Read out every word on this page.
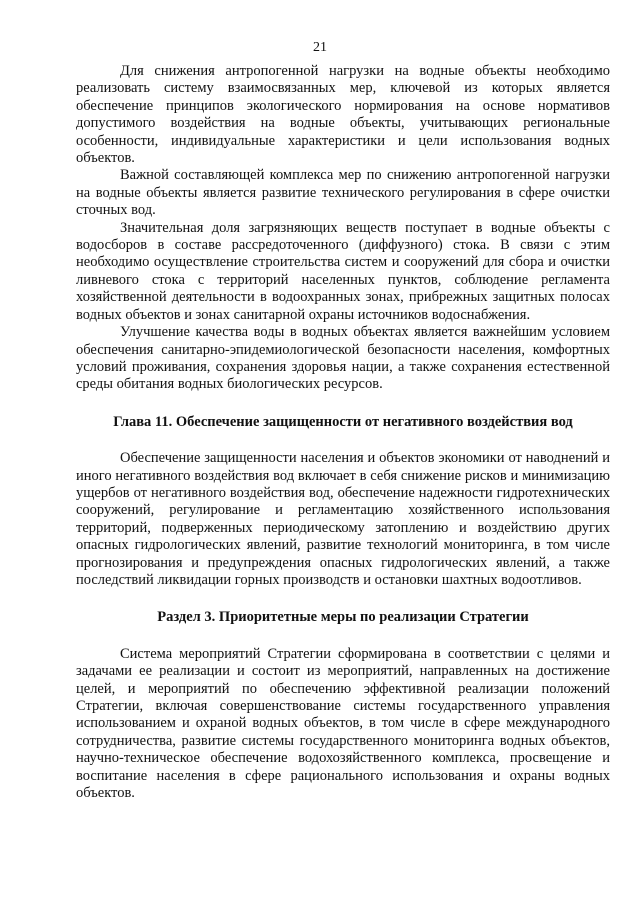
21

Для снижения антропогенной нагрузки на водные объекты необходимо реализовать систему взаимосвязанных мер, ключевой из которых является обеспечение принципов экологического нормирования на основе нормативов допустимого воздействия на водные объекты, учитывающих региональные особенности, индивидуальные характеристики и цели использования водных объектов.

Важной составляющей комплекса мер по снижению антропогенной нагрузки на водные объекты является развитие технического регулирования в сфере очистки сточных вод.

Значительная доля загрязняющих веществ поступает в водные объекты с водосборов в составе рассредоточенного (диффузного) стока. В связи с этим необходимо осуществление строительства систем и сооружений для сбора и очистки ливневого стока с территорий населенных пунктов, соблюдение регламента хозяйственной деятельности в водоохранных зонах, прибрежных защитных полосах водных объектов и зонах санитарной охраны источников водоснабжения.

Улучшение качества воды в водных объектах является важнейшим условием обеспечения санитарно-эпидемиологической безопасности населения, комфортных условий проживания, сохранения здоровья нации, а также сохранения естественной среды обитания водных биологических ресурсов.

Глава 11. Обеспечение защищенности от негативного воздействия вод

Обеспечение защищенности населения и объектов экономики от наводнений и иного негативного воздействия вод включает в себя снижение рисков и минимизацию ущербов от негативного воздействия вод, обеспечение надежности гидротехнических сооружений, регулирование и регламентацию хозяйственного использования территорий, подверженных периодическому затоплению и воздействию других опасных гидрологических явлений, развитие технологий мониторинга, в том числе прогнозирования и предупреждения опасных гидрологических явлений, а также последствий ликвидации горных производств и остановки шахтных водоотливов.

Раздел 3. Приоритетные меры по реализации Стратегии

Система мероприятий Стратегии сформирована в соответствии с целями и задачами ее реализации и состоит из мероприятий, направленных на достижение целей, и мероприятий по обеспечению эффективной реализации положений Стратегии, включая совершенствование системы государственного управления использованием и охраной водных объектов, в том числе в сфере международного сотрудничества, развитие системы государственного мониторинга водных объектов, научно-техническое обеспечение водохозяйственного комплекса, просвещение и воспитание населения в сфере рационального использования и охраны водных объектов.
